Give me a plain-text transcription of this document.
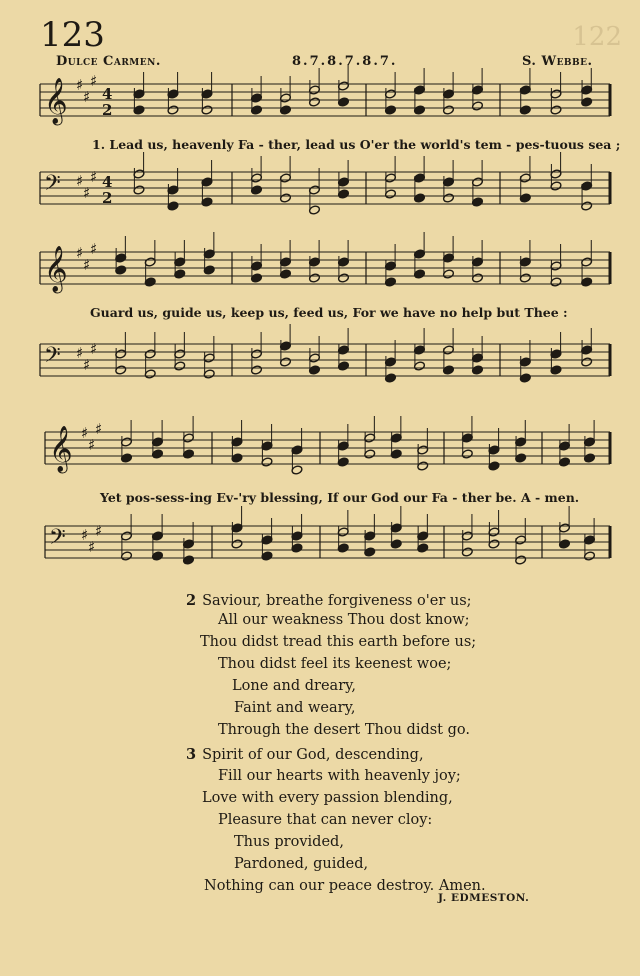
123	122
Dulce Carmen.	8.7.8.7.8.7.	S. Webbe.
𝄞 ♯
♯
♯
4
2
1. Lead us, heavenly Fa - ther, lead us O'er the world's tem - pes-tuous sea ;
𝄢 ♯
♯
♯ 4
2
𝄞 ♯
♯
♯
Guard us, guide us, keep us, feed us, For we have no help but Thee :
𝄢 ♯
♯
♯
𝄞 ♯
♯
♯
Yet pos-sess-ing Ev-'ry blessing, If our God our Fa - ther be. A - men.
𝄢 ♯
♯
♯
2 Saviour, breathe forgiveness o'er us;
All our weakness Thou dost know;
Thou didst tread this earth before us;
Thou didst feel its keenest woe;
Lone and dreary,
Faint and weary,
Through the desert Thou didst go.
3 Spirit of our God, descending,
Fill our hearts with heavenly joy;
Love with every passion blending,
Pleasure that can never cloy:
Thus provided,
Pardoned, guided,
Nothing can our peace destroy. Amen.
J. EDMESTON.
